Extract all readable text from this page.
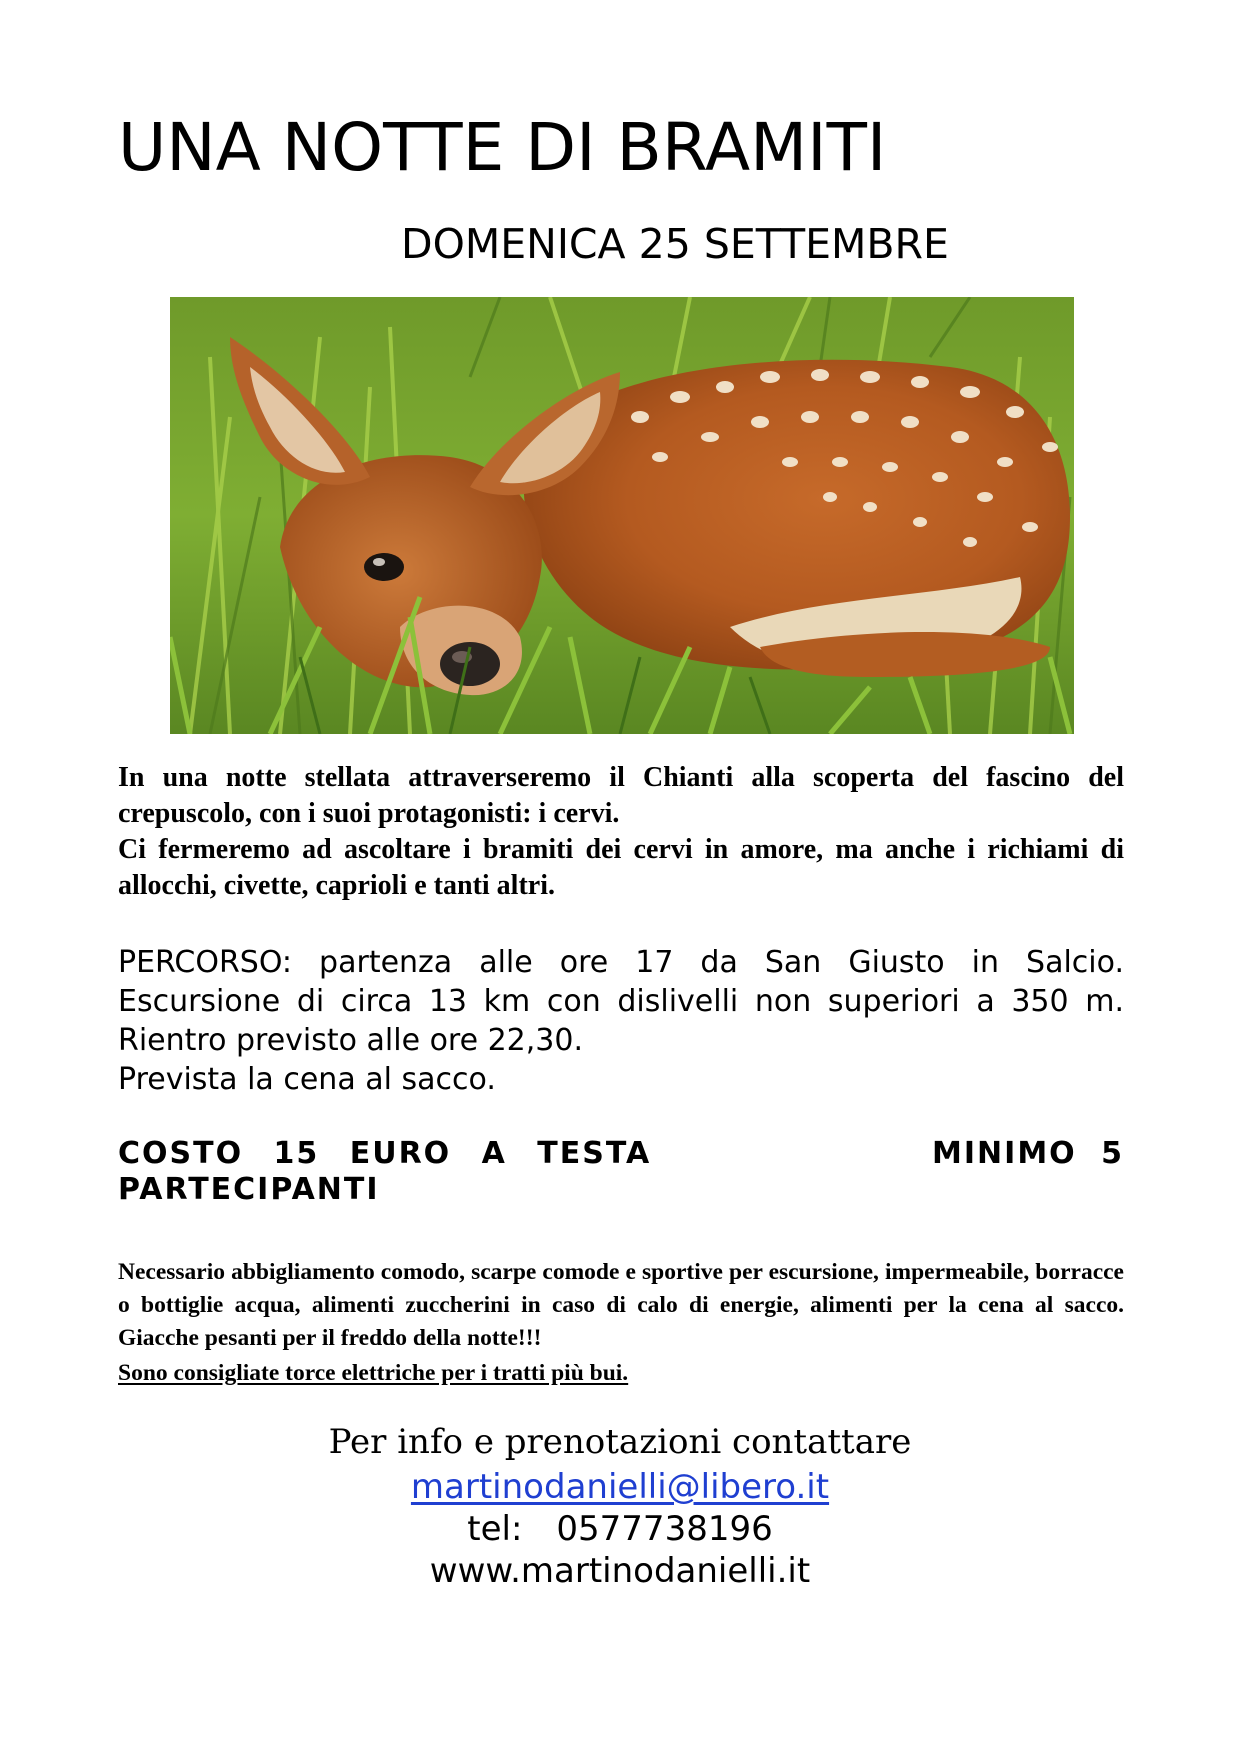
UNA NOTTE DI BRAMITI
DOMENICA 25 SETTEMBRE

In una notte stellata attraverseremo il Chianti alla scoperta del fascino del crepuscolo, con i suoi protagonisti: i cervi.

Ci fermeremo ad ascoltare i bramiti dei cervi in amore, ma anche i richiami di allocchi, civette, caprioli e tanti altri.

PERCORSO: partenza alle ore 17 da San Giusto in Salcio. Escursione di circa 13 km con dislivelli non superiori a 350 m. Rientro previsto alle ore 22,30.

Prevista la cena al sacco.

COSTO 15 EURO A TESTA	MINIMO 5
PARTECIPANTI

Necessario abbigliamento comodo, scarpe comode e sportive per escursione, impermeabile, borracce o bottiglie acqua, alimenti zuccherini in caso di calo di energie, alimenti per la cena al sacco. Giacche pesanti per il freddo della notte!!!

Sono consigliate torce elettriche per i tratti più bui.

Per info e prenotazioni contattare
martinodanielli@libero.it
tel: 0577738196
www.martinodanielli.it
